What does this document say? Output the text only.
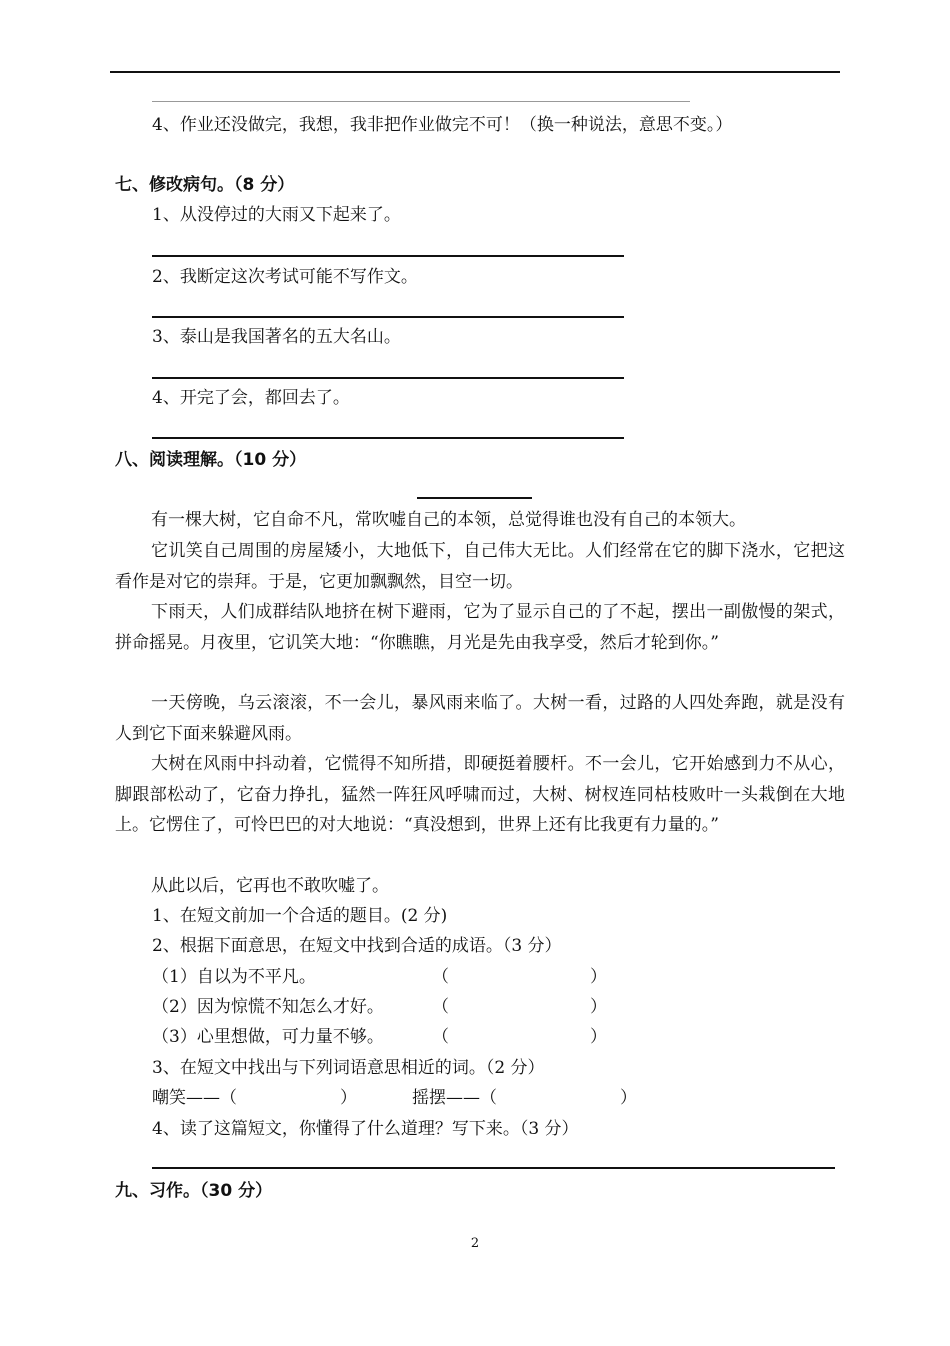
4、作业还没做完，我想，我非把作业做完不可！（换一种说法，意思不变。）
七、修改病句。（8 分）
1、从没停过的大雨又下起来了。
2、我断定这次考试可能不写作文。
3、泰山是我国著名的五大名山。
4、开完了会，都回去了。
八、阅读理解。（10 分）
有一棵大树，它自命不凡，常吹嘘自己的本领，总觉得谁也没有自己的本领大。
它讥笑自己周围的房屋矮小，大地低下，自己伟大无比。人们经常在它的脚下浇水，它把这看作是对它的崇拜。于是，它更加飘飘然，目空一切。
下雨天，人们成群结队地挤在树下避雨，它为了显示自己的了不起，摆出一副傲慢的架式，拼命摇晃。月夜里，它讥笑大地：“你瞧瞧，月光是先由我享受，然后才轮到你。”
一天傍晚，乌云滚滚，不一会儿，暴风雨来临了。大树一看，过路的人四处奔跑，就是没有人到它下面来躲避风雨。
大树在风雨中抖动着，它慌得不知所措，即硬挺着腰杆。不一会儿，它开始感到力不从心，脚跟部松动了，它奋力挣扎，猛然一阵狂风呼啸而过，大树、树杈连同枯枝败叶一头栽倒在大地上。它愣住了，可怜巴巴的对大地说：“真没想到，世界上还有比我更有力量的。”
从此以后，它再也不敢吹嘘了。
1、在短文前加一个合适的题目。(2 分)
2、根据下面意思，在短文中找到合适的成语。（3 分）
（1）自以为不平凡。	（	）
（2）因为惊慌不知怎么才好。	（	）
（3）心里想做，可力量不够。	（	）
3、在短文中找出与下列词语意思相近的词。（2 分）
嘲笑——（	）	摇摆——（	）
4、读了这篇短文，你懂得了什么道理？写下来。（3 分）
九、习作。（30 分）
2
